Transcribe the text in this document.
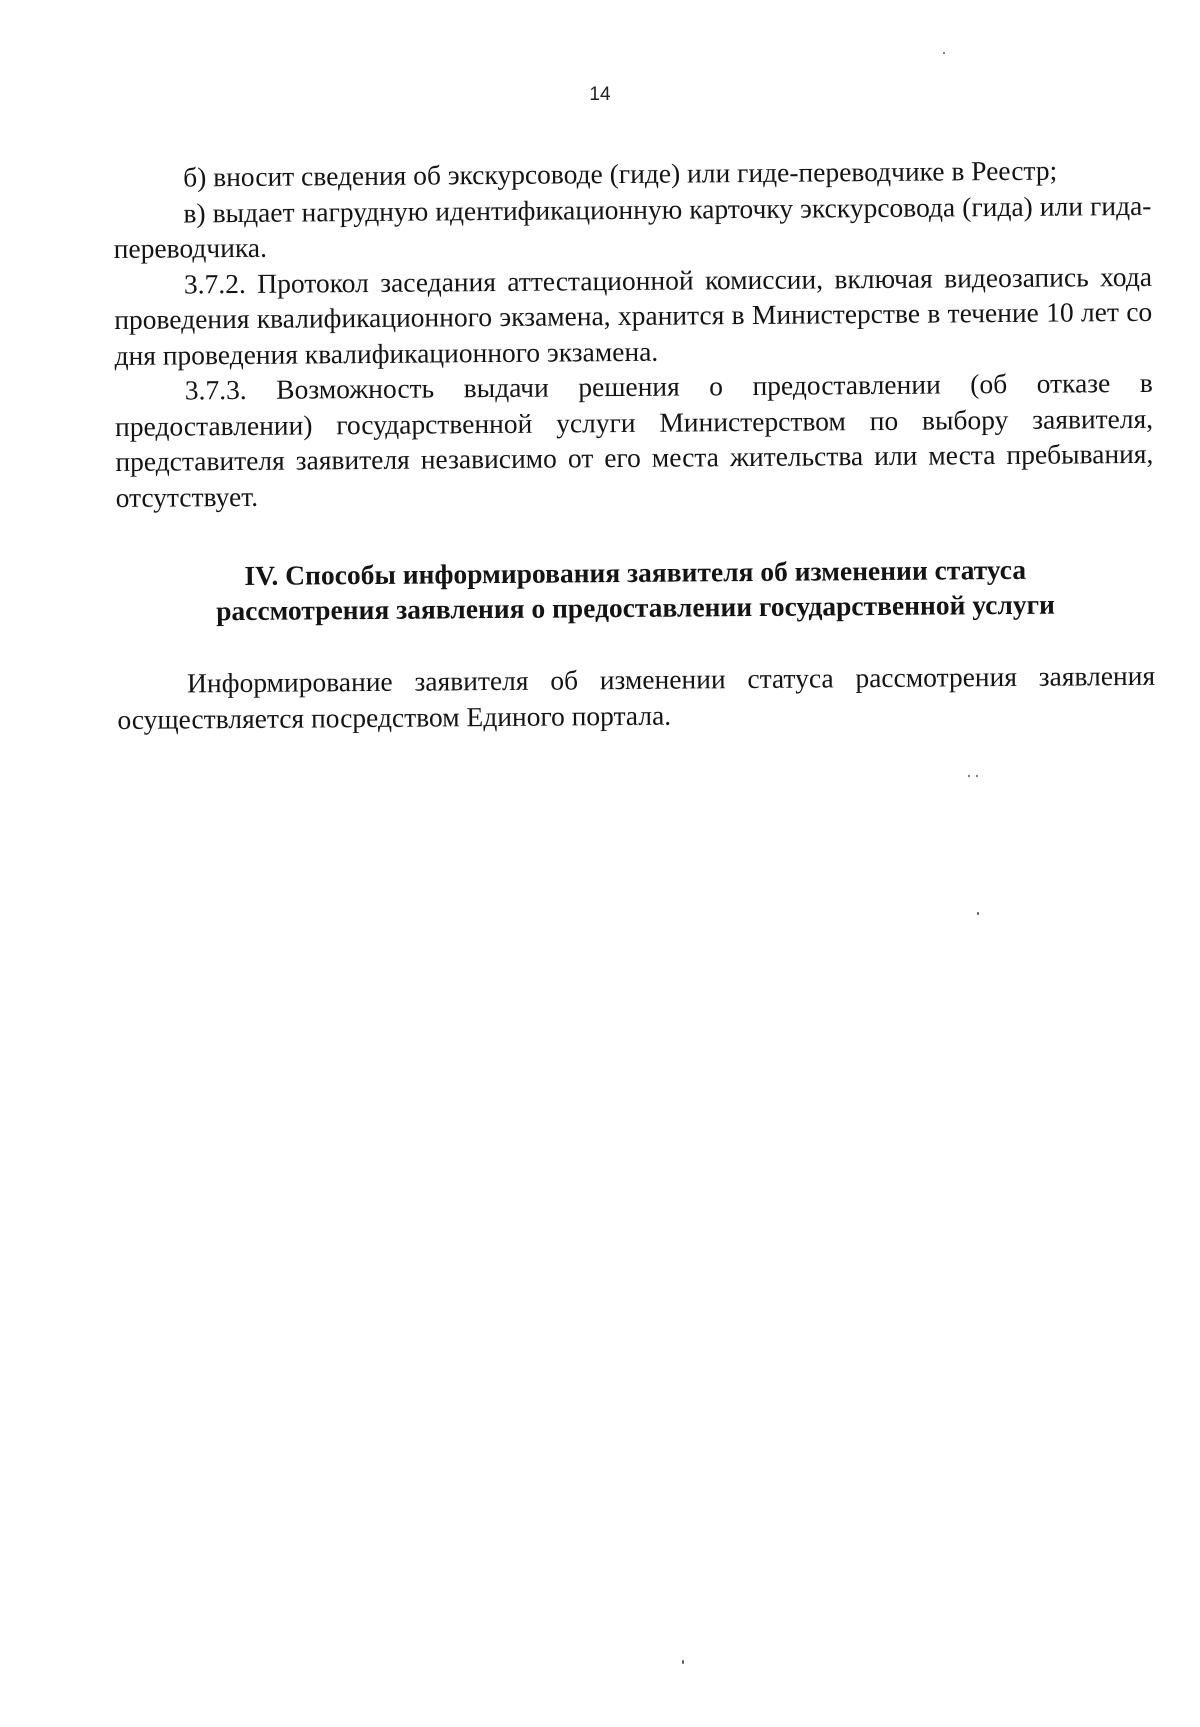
14

б) вносит сведения об экскурсоводе (гиде) или гиде-переводчике в Реестр;

в) выдает нагрудную идентификационную карточку экскурсовода (гида) или гида-переводчика.

3.7.2. Протокол заседания аттестационной комиссии, включая видеозапись хода проведения квалификационного экзамена, хранится в Министерстве в течение 10 лет со дня проведения квалификационного экзамена.

3.7.3. Возможность выдачи решения о предоставлении (об отказе в предоставлении) государственной услуги Министерством по выбору заявителя, представителя заявителя независимо от его места жительства или места пребывания, отсутствует.

IV. Способы информирования заявителя об изменении статуса
рассмотрения заявления о предоставлении государственной услуги

Информирование заявителя об изменении статуса рассмотрения заявления осуществляется посредством Единого портала.
